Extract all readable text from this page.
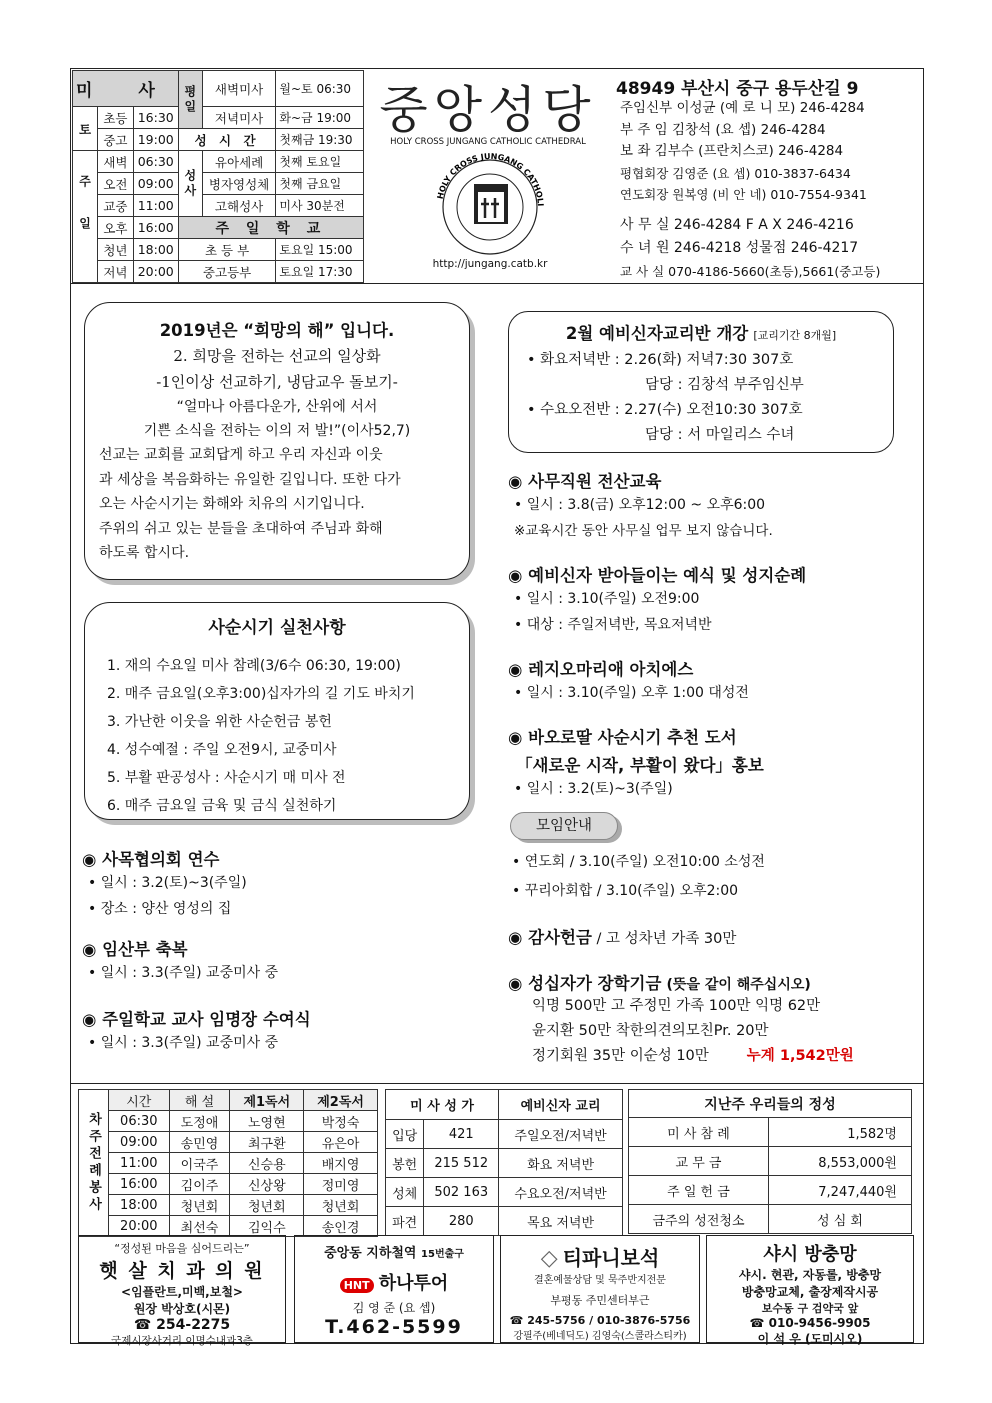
미 사			평일	새벽미사	월~토 06:30
토	초등	16:30		저녁미사	화~금 19:00
	중고	19:00	성 시 간		첫째금 19:30
주일	새벽	06:30	성사	유아세례	첫째 토요일
	오전	09:00		병자영성체	첫째 금요일
	교중	11:00		고해성사	미사 30분전
	오후	16:00	주 일 학 교		
	청년	18:00	초 등 부		토요일 15:00
	저녁	20:00	중고등부		토요일 17:30
중앙성당
HOLY CROSS JUNGANG CATHOLIC CATHEDRAL
HOLY CROSS JUNGANG CATHOLI
http://jungang.catb.kr
48949 부산시 중구 용두산길 9
주임신부 이성균 (예 로 니 모) 246-4284
부 주 임 김창석 (요 셉) 246-4284
보 좌 김부수 (프란치스코) 246-4284
평협회장 김영준 (요 셉) 010-3837-6434
연도회장 원복영 (비 안 네) 010-7554-9341
사 무 실 246-4284 F A X 246-4216
수 녀 원 246-4218 성물점 246-4217
교 사 실 070-4186-5660(초등),5661(중고등)
2019년은 “희망의 해” 입니다.
2. 희망을 전하는 선교의 일상화
-1인이상 선교하기, 냉담교우 돌보기-
“얼마나 아름다운가, 산위에 서서
기쁜 소식을 전하는 이의 저 발!”(이사52,7)
선교는 교회를 교회답게 하고 우리 자신과 이웃
과 세상을 복음화하는 유일한 길입니다. 또한 다가
오는 사순시기는 화해와 치유의 시기입니다.
주위의 쉬고 있는 분들을 초대하여 주님과 화해
하도록 합시다.
사순시기 실천사항
1. 재의 수요일 미사 참례(3/6수 06:30, 19:00)
2. 매주 금요일(오후3:00)십자가의 길 기도 바치기
3. 가난한 이웃을 위한 사순헌금 봉헌
4. 성수예절 : 주일 오전9시, 교중미사
5. 부활 판공성사 : 사순시기 매 미사 전
6. 매주 금요일 금육 및 금식 실천하기
◉ 사목협의회 연수
• 일시 : 3.2(토)~3(주일)
• 장소 : 양산 영성의 집
◉ 임산부 축복
• 일시 : 3.3(주일) 교중미사 중
◉ 주일학교 교사 임명장 수여식
• 일시 : 3.3(주일) 교중미사 중
2월 예비신자교리반 개강 [교리기간 8개월]
• 화요저녁반 : 2.26(화) 저녁7:30 307호
담당 : 김창석 부주임신부
• 수요오전반 : 2.27(수) 오전10:30 307호
담당 : 서 마일리스 수녀
◉ 사무직원 전산교육
• 일시 : 3.8(금) 오후12:00 ~ 오후6:00
※교육시간 동안 사무실 업무 보지 않습니다.
◉ 예비신자 받아들이는 예식 및 성지순례
• 일시 : 3.10(주일) 오전9:00
• 대상 : 주일저녁반, 목요저녁반
◉ 레지오마리애 아치에스
• 일시 : 3.10(주일) 오후 1:00 대성전
◉ 바오로딸 사순시기 추천 도서
「새로운 시작, 부활이 왔다」홍보
• 일시 : 3.2(토)~3(주일)
모임안내
• 연도회 / 3.10(주일) 오전10:00 소성전
• 꾸리아회합 / 3.10(주일) 오후2:00
◉ 감사헌금 / 고 성차년 가족 30만
◉ 성십자가 장학기금 (뜻을 같이 해주십시오)
익명 500만 고 주정민 가족 100만 익명 62만
윤지환 50만 착한의견의모친Pr. 20만
정기회원 35만 이순성 10만	누계 1,542만원
차주전례봉사	시간	해 설	제1독서	제2독서
	06:30	도정애	노영현	박정숙
	09:00	송민영	최구환	유은아
	11:00	이국주	신승용	배지영
	16:00	김이주	신상왕	정미영
	18:00	청년회	청년회	청년회
	20:00	최선숙	김익수	송인경
미 사 성 가		예비신자 교리
입당	421	주일오전/저녁반
봉헌	215 512	화요 저녁반
성체	502 163	수요오전/저녁반
파견	280	목요 저녁반
지난주 우리들의 정성	
미 사 참 례	1,582명
교 무 금	8,553,000원
주 일 헌 금	7,247,440원
금주의 성전청소	성 심 회
“정성된 마음을 심어드리는”
햇 살 치 과 의 원
<임플란트,미백,보철>
원장 박상호(시몬)
☎ 254-2275
국제시장사거리 이명수내과3층
중앙동 지하철역 15번출구
HNT 하나투어
김 영 준 (요 셉)
T.462-5599
◇ 티파니보석
결혼예물상담 및 묵주반지전문
부평동 주민센터부근
☎ 245-5756 / 010-3876-5756
강필주(베네딕도) 김영숙(스콜라스티카)
샤시 방충망
샤시. 현관, 자동롤, 방충망
방충망교체, 출장제작시공
보수동 구 검약국 앞
☎ 010-9456-9905
이 석 우 (도미시오)
